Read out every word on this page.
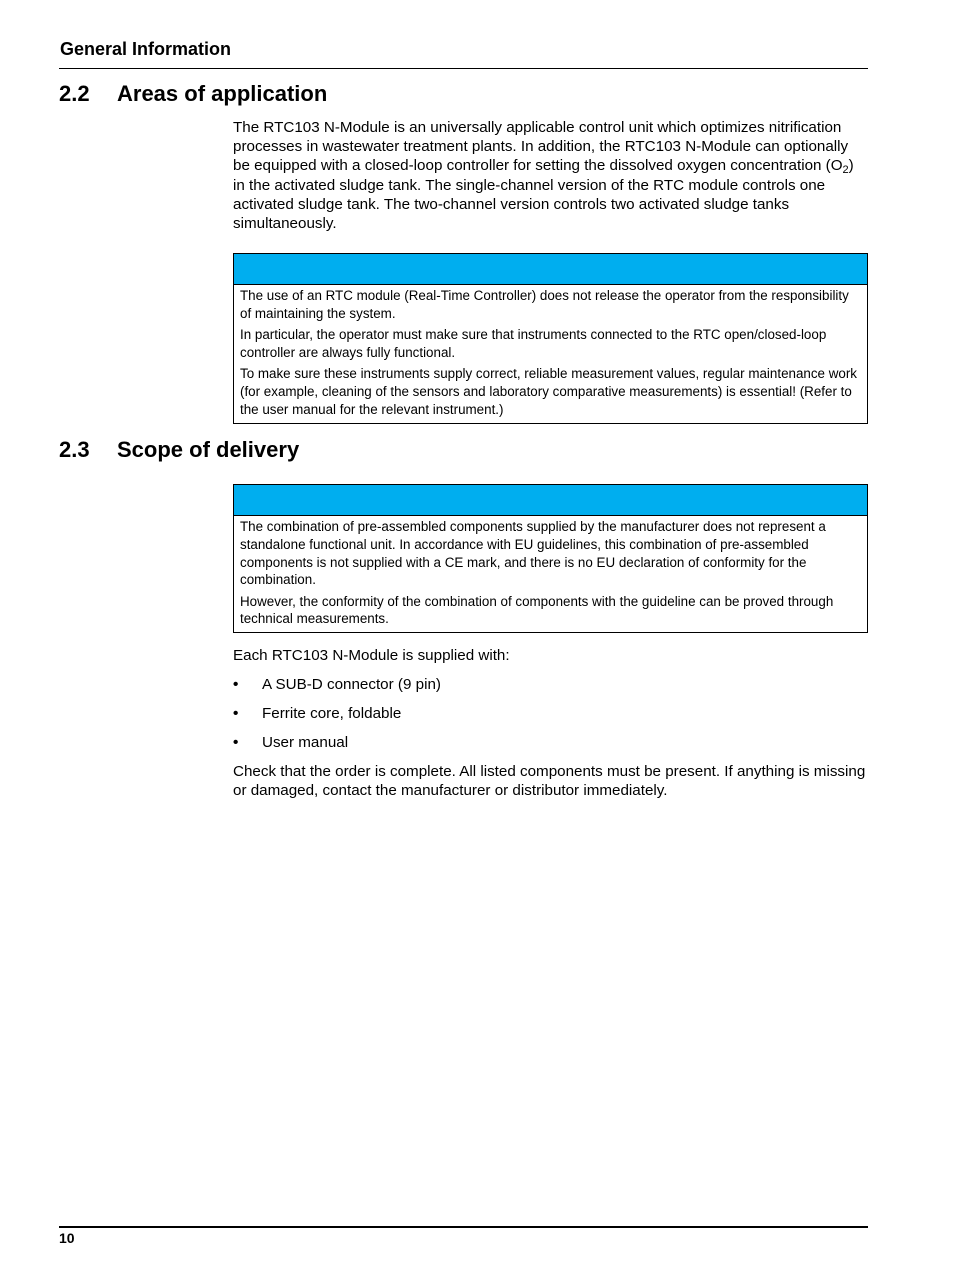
General Information
2.2 Areas of application

The RTC103 N-Module is an universally applicable control unit which optimizes nitrification processes in wastewater treatment plants. In addition, the RTC103 N-Module can optionally be equipped with a closed-loop controller for setting the dissolved oxygen concentration $(O_2)$ in the activated sludge tank. The single-channel version of the RTC module controls one activated sludge tank. The two-channel version controls two activated sludge tanks simultaneously.

The use of an RTC module (Real-Time Controller) does not release the operator from the responsibility of maintaining the system.

In particular, the operator must make sure that instruments connected to the RTC open/closed-loop controller are always fully functional.

To make sure these instruments supply correct, reliable measurement values, regular maintenance work (for example, cleaning of the sensors and laboratory comparative measurements) is essential! (Refer to the user manual for the relevant instrument.)

2.3 Scope of delivery

The combination of pre-assembled components supplied by the manufacturer does not represent a standalone functional unit. In accordance with EU guidelines, this combination of pre-assembled components is not supplied with a CE mark, and there is no EU declaration of conformity for the combination.

However, the conformity of the combination of components with the guideline can be proved through technical measurements.

Each RTC103 N-Module is supplied with:
• A SUB-D connector (9 pin)
• Ferrite core, foldable
• User manual
Check that the order is complete. All listed components must be present. If anything is missing or damaged, contact the manufacturer or distributor immediately.
10
